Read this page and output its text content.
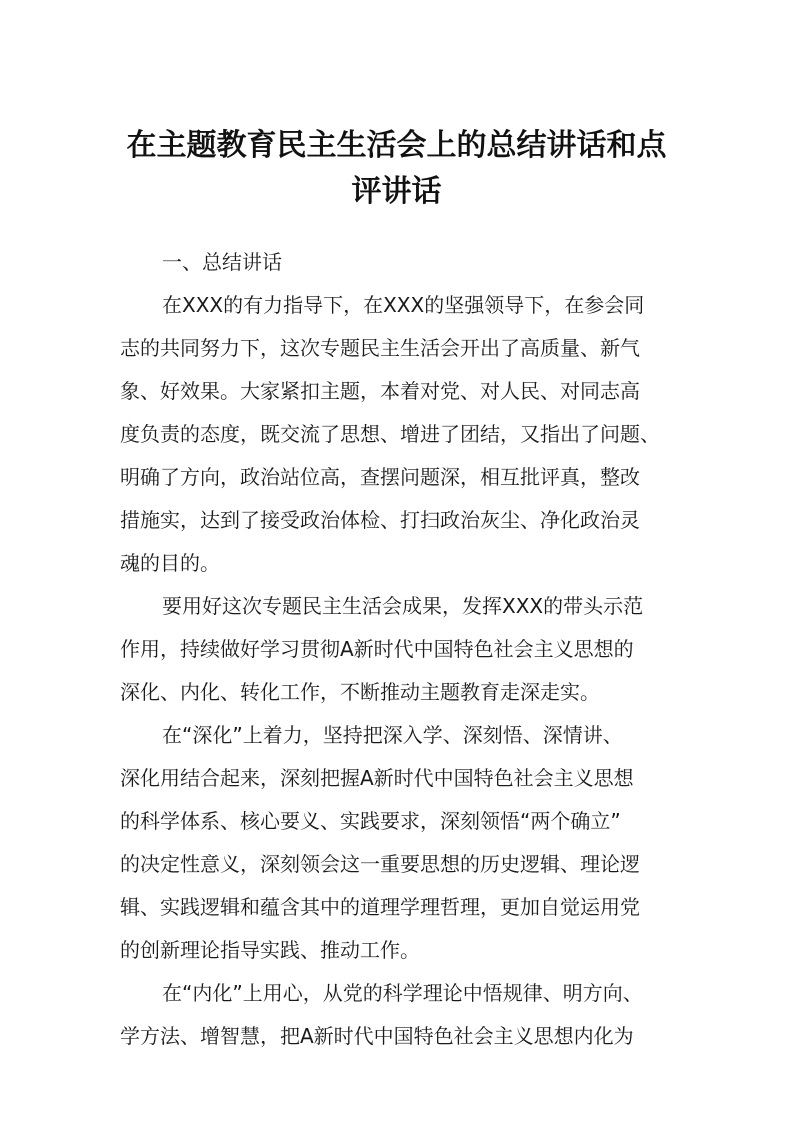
在主题教育民主生活会上的总结讲话和点
评讲话

一、总结讲话

在XXX的有力指导下，在XXX的坚强领导下，在参会同

志的共同努力下，这次专题民主生活会开出了高质量、新气

象、好效果。大家紧扣主题，本着对党、对人民、对同志高

度负责的态度，既交流了思想、增进了团结，又指出了问题、

明确了方向，政治站位高，查摆问题深，相互批评真，整改

措施实，达到了接受政治体检、打扫政治灰尘、净化政治灵

魂的目的。

要用好这次专题民主生活会成果，发挥XXX的带头示范

作用，持续做好学习贯彻A新时代中国特色社会主义思想的

深化、内化、转化工作，不断推动主题教育走深走实。

在“深化”上着力，坚持把深入学、深刻悟、深情讲、

深化用结合起来，深刻把握A新时代中国特色社会主义思想

的科学体系、核心要义、实践要求，深刻领悟“两个确立”

的决定性意义，深刻领会这一重要思想的历史逻辑、理论逻

辑、实践逻辑和蕴含其中的道理学理哲理，更加自觉运用党

的创新理论指导实践、推动工作。

在“内化”上用心，从党的科学理论中悟规律、明方向、

学方法、增智慧，把A新时代中国特色社会主义思想内化为
